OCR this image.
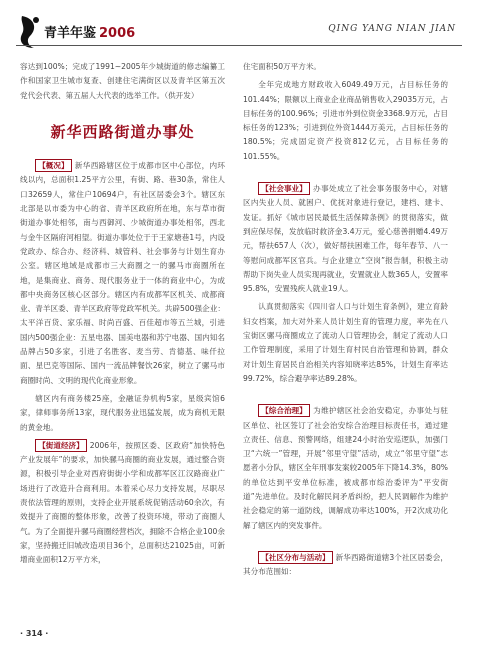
青羊年鉴 2006	QING YANG NIAN JIAN

容达到100%；完成了1991~2005年少城街道的修志编纂工作和国家卫生城市复查、创建住宅满街区以及青羊区第五次党代会代表、第五届人大代表的选举工作。（供开发）

新华西路街道办事处

【概况】 新华西路辖区位于成都市区中心部位，内环线以内，总面积1.25平方公里，有街、路、巷30条，常住人口32659人，常住户10694户，有社区居委会3个。辖区东北部是以市委为中心的省、青羊区政府所在地，东与草市街街道办事处相邻，南与西御河、少城街道办事处相邻，西北与金牛区隔府河相望。街道办事处位于于王家塘巷1号，内设党政办、综合办、经济科、城管科、社会事务与计划生育办公室。辖区地域是成都市三大商圈之一的骡马市商圈所在地，是集商业、商务、现代服务业于一体的商业中心，为成都中央商务区核心区部分。辖区内有成都军区机关、成都商业、青羊区委、青羊区政府等党政军机关。共辟500强企业：太平洋百货、家乐福、时尚百盛、百佳超市等五兰城，引进国内500强企业：五星电器、国美电器和苏宁电器、国内知名品牌占50多家，引进了名胜客、麦当劳、肯德基、味仟拉面、星巴克等国际、国内一流品牌餐饮26家，树立了骡马市商圈时尚、文明的现代化商业形象。

辖区内有商务楼25座，金融证券机构5家，星级宾馆6家，律师事务所13家，现代服务业迅猛发展，成为商机无限的黄金地。

【街道经济】 2006年，按照区委、区政府“加快特色产业发展年”的要求，加快骡马商圈的商业发展，通过整合资源，积极引导企业对西府街街小学和成都军区江汉路商业广场进行了改造升合商利用。本着采心尽力支持发展，尽职尽责依法管理的原则，支持企业开展系统促销活动60余次，有效提升了商圈的整体形象，改善了投资环境，带动了商圈人气。为了全面提升骡马商圈经营档次，拥除不合格企业100余家，坚持搬迁旧城改造项目36个，总面积达21025亩，可新增商业面积12万平方米，

住宅面积50万平方米。

全年完成地方财政收入6049.49万元，占目标任务的101.44%；限额以上商业企业商品销售收入29035万元，占目标任务的100.96%；引进市外到位资金3368.9万元，占目标任务的123%；引进到位外资1444万美元，占目标任务的180.5%；完成固定资产投资812亿元，占目标任务的101.55%。

【社会事业】 办事处成立了社会事务服务中心，对辖区内失业人员、就困户、优抚对象进行登记，建档、建卡、发证。抓好《城市居民最低生活保障条例》的贯彻落实，做到应保尽保，发放临时救济金3.4万元，爱心慈善捐赠4.49万元，帮扶657人（次），做好帮扶困难工作，每年春节、八一等慰问成都军区官兵。与企业建立“空岗”报告制，积极主动帮助下岗失业人员实现再就业，安置就业人数365人，安置率95.8%，安置残疾人就业19人。

认真贯彻落实《四川省人口与计划生育条例》，建立育龄妇女档案，加大对外来人员计划生育的管理力度，率先在八宝街区骡马商圈成立了流动人口管理协会，制定了流动人口工作管理制度，采用了计划生育村民自治管理和协调，群众对计划生育居民自治相关内容知晓率达85%，计划生育率达99.72%，综合避孕率达89.28%。

【综合治理】 为维护辖区社会治安稳定，办事处与驻区单位、社区签订了社会治安综合治理目标责任书，通过建立责任、信息、预警网络，组建24小时治安巡逻队，加强门卫“六统一”管理，开展“邻里守望”活动，成立“邻里守望”志愿者小分队，辖区全年刑事发案较2005年下降14.3%，80%的单位达到平安单位标准，被成都市综治委评为“平安街道”先进单位。及时化解民间矛盾纠纷，把人民调解作为维护社会稳定的第一道防线，调解成功率达100%，开2次成功化解了辖区内的突发事件。

【社区分布与活动】 新华西路街道辖3个社区居委会，其分布范围如：

· 314 ·
